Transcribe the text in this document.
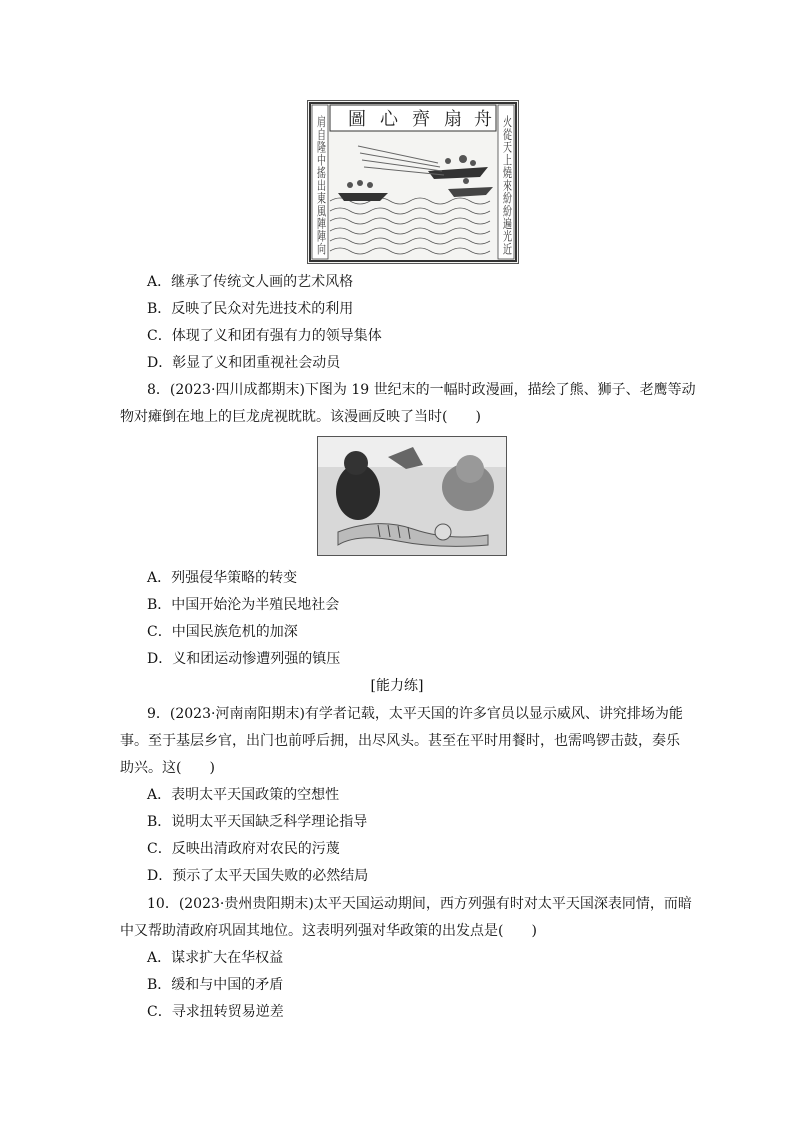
圖 心 齊 扇 舟
肩自隆中搖出東風陣陣向	火從天上燒來紛紛遍光近
A．继承了传统文人画的艺术风格
B．反映了民众对先进技术的利用
C．体现了义和团有强有力的领导集体
D．彰显了义和团重视社会动员
8．(2023·四川成都期末)下图为 19 世纪末的一幅时政漫画，描绘了熊、狮子、老鹰等动
物对瘫倒在地上的巨龙虎视眈眈。该漫画反映了当时(　　)
A．列强侵华策略的转变
B．中国开始沦为半殖民地社会
C．中国民族危机的加深
D．义和团运动惨遭列强的镇压
[能力练]
9．(2023·河南南阳期末)有学者记载，太平天国的许多官员以显示威风、讲究排场为能
事。至于基层乡官，出门也前呼后拥，出尽风头。甚至在平时用餐时，也需鸣锣击鼓，奏乐
助兴。这(　　)
A．表明太平天国政策的空想性
B．说明太平天国缺乏科学理论指导
C．反映出清政府对农民的污蔑
D．预示了太平天国失败的必然结局
10．(2023·贵州贵阳期末)太平天国运动期间，西方列强有时对太平天国深表同情，而暗
中又帮助清政府巩固其地位。这表明列强对华政策的出发点是(　　)
A．谋求扩大在华权益
B．缓和与中国的矛盾
C．寻求扭转贸易逆差
